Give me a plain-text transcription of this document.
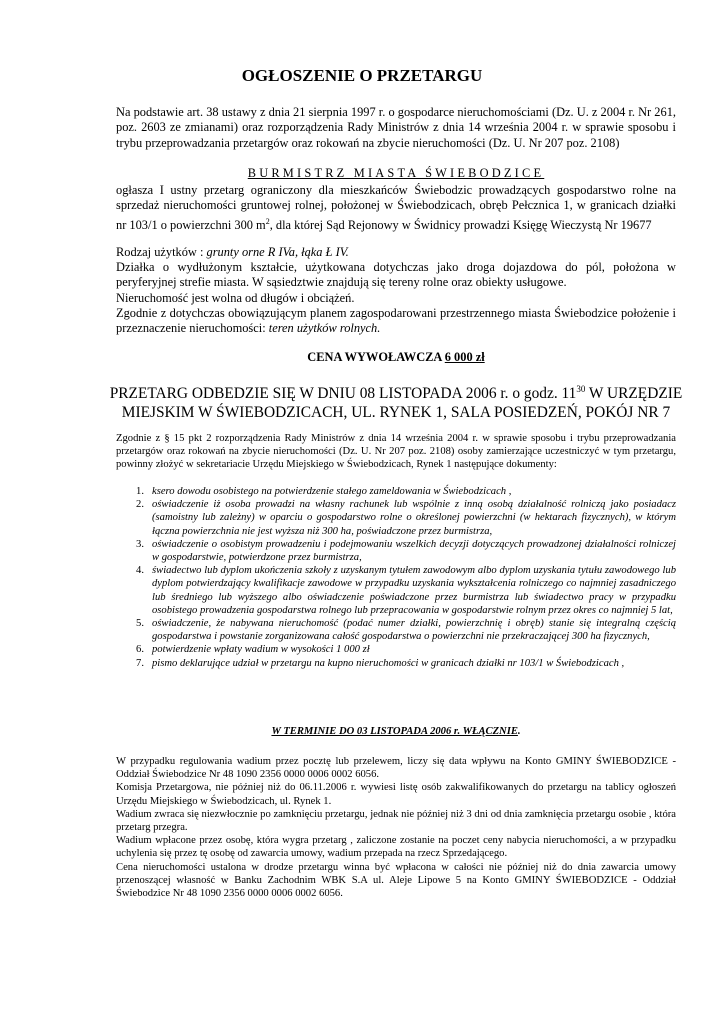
OGŁOSZENIE O PRZETARGU
Na podstawie art. 38 ustawy z dnia 21 sierpnia 1997 r. o gospodarce nieruchomościami (Dz. U. z 2004 r. Nr 261, poz. 2603 ze zmianami) oraz rozporządzenia Rady Ministrów z dnia 14 września 2004 r. w sprawie sposobu i trybu przeprowadzania przetargów oraz rokowań na zbycie nieruchomości (Dz. U. Nr 207 poz. 2108)
BURMISTRZ MIASTA ŚWIEBODZICE
ogłasza I ustny przetarg ograniczony dla mieszkańców Świebodzic prowadzących gospodarstwo rolne na sprzedaż nieruchomości gruntowej rolnej, położonej w Świebodzicach, obręb Pełcznica 1, w granicach działki nr 103/1 o powierzchni 300 $m^2$, dla której Sąd Rejonowy w Świdnicy prowadzi Księgę Wieczystą Nr 19677
Rodzaj użytków : grunty orne R IVa, łąka Ł IV.
Działka o wydłużonym kształcie, użytkowana dotychczas jako droga dojazdowa do pól, położona w peryferyjnej strefie miasta. W sąsiedztwie znajdują się tereny rolne oraz obiekty usługowe.
Nieruchomość jest wolna od długów i obciążeń.
Zgodnie z dotychczas obowiązującym planem zagospodarowani przestrzennego miasta Świebodzice położenie i przeznaczenie nieruchomości: teren użytków rolnych.
CENA WYWOŁAWCZA 6 000 zł
PRZETARG ODBEDZIE SIĘ W DNIU 08 LISTOPADA 2006 r. o godz. $11^{30}$ W URZĘDZIE MIEJSKIM W ŚWIEBODZICACH, UL. RYNEK 1, SALA POSIEDZEŃ, POKÓJ NR 7
Zgodnie z § 15 pkt 2 rozporządzenia Rady Ministrów z dnia 14 września 2004 r. w sprawie sposobu i trybu przeprowadzania przetargów oraz rokowań na zbycie nieruchomości (Dz. U. Nr 207 poz. 2108) osoby zamierzające uczestniczyć w tym przetargu, powinny złożyć w sekretariacie Urzędu Miejskiego w Świebodzicach, Rynek 1 następujące dokumenty:
1. ksero dowodu osobistego na potwierdzenie stałego zameldowania w Świebodzicach ,
2. oświadczenie iż osoba prowadzi na własny rachunek lub wspólnie z inną osobą działalność rolniczą jako posiadacz (samoistny lub zależny) w oparciu o gospodarstwo rolne o określonej powierzchni (w hektarach fizycznych), w którym łączna powierzchnia nie jest wyższa niż 300 ha, poświadczone przez burmistrza,
3. oświadczenie o osobistym prowadzeniu i podejmowaniu wszelkich decyzji dotyczących prowadzonej działalności rolniczej w gospodarstwie, potwierdzone przez burmistrza,
4. świadectwo lub dyplom ukończenia szkoły z uzyskanym tytułem zawodowym albo dyplom uzyskania tytułu zawodowego lub dyplom potwierdzający kwalifikacje zawodowe w przypadku uzyskania wykształcenia rolniczego co najmniej zasadniczego lub średniego lub wyższego albo oświadczenie poświadczone przez burmistrza lub świadectwo pracy w przypadku osobistego prowadzenia gospodarstwa rolnego lub przepracowania w gospodarstwie rolnym przez okres co najmniej 5 lat,
5. oświadczenie, że nabywana nieruchomość (podać numer działki, powierzchnię i obręb) stanie się integralną częścią gospodarstwa i powstanie zorganizowana całość gospodarstwa o powierzchni nie przekraczającej 300 ha fizycznych,
6. potwierdzenie wpłaty wadium w wysokości 1 000 zł
7. pismo deklarujące udział w przetargu na kupno nieruchomości w granicach działki nr 103/1 w Świebodzicach ,
W TERMINIE DO 03 LISTOPADA 2006 r. WŁĄCZNIE.
W przypadku regulowania wadium przez pocztę lub przelewem, liczy się data wpływu na Konto GMINY ŚWIEBODZICE - Oddział Świebodzice Nr 48 1090 2356 0000 0006 0002 6056.
Komisja Przetargowa, nie później niż do 06.11.2006 r. wywiesi listę osób zakwalifikowanych do przetargu na tablicy ogłoszeń Urzędu Miejskiego w Świebodzicach, ul. Rynek 1.
Wadium zwraca się niezwłocznie po zamknięciu przetargu, jednak nie później niż 3 dni od dnia zamknięcia przetargu osobie , która przetarg przegra.
Wadium wpłacone przez osobę, która wygra przetarg , zaliczone zostanie na poczet ceny nabycia nieruchomości, a w przypadku uchylenia się przez tę osobę od zawarcia umowy, wadium przepada na rzecz Sprzedającego.
Cena nieruchomości ustalona w drodze przetargu winna być wpłacona w całości nie później niż do dnia zawarcia umowy przenoszącej własność w Banku Zachodnim WBK S.A ul. Aleje Lipowe 5 na Konto GMINY ŚWIEBODZICE - Oddział Świebodzice Nr 48 1090 2356 0000 0006 0002 6056.
